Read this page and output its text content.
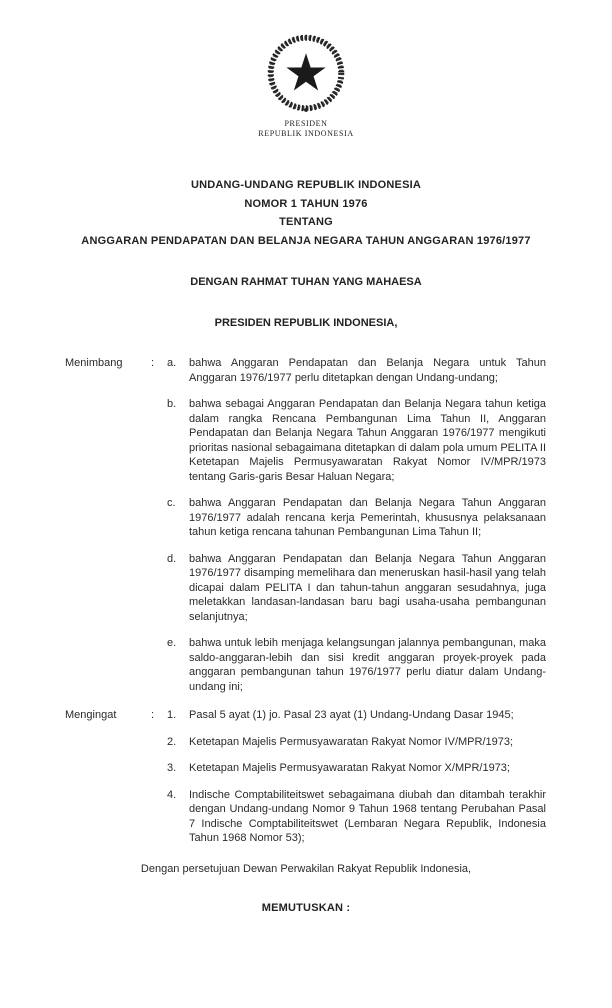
PRESIDEN
REPUBLIK INDONESIA
UNDANG-UNDANG REPUBLIK INDONESIA
NOMOR 1 TAHUN 1976
TENTANG
ANGGARAN PENDAPATAN DAN BELANJA NEGARA TAHUN ANGGARAN 1976/1977

DENGAN RAHMAT TUHAN YANG MAHAESA

PRESIDEN REPUBLIK INDONESIA,

Menimbang	:	a.	bahwa Anggaran Pendapatan dan Belanja Negara untuk Tahun Anggaran 1976/1977 perlu ditetapkan dengan Undang-undang;
b.	bahwa sebagai Anggaran Pendapatan dan Belanja Negara tahun ketiga dalam rangka Rencana Pembangunan Lima Tahun II, Anggaran Pendapatan dan Belanja Negara Tahun Anggaran 1976/1977 mengikuti prioritas nasional sebagaimana ditetapkan di dalam pola umum PELITA II Ketetapan Majelis Permusyawaratan Rakyat Nomor IV/MPR/1973 tentang Garis-garis Besar Haluan Negara;
c.	bahwa Anggaran Pendapatan dan Belanja Negara Tahun Anggaran 1976/1977 adalah rencana kerja Pemerintah, khususnya pelaksanaan tahun ketiga rencana tahunan Pembangunan Lima Tahun II;
d.	bahwa Anggaran Pendapatan dan Belanja Negara Tahun Anggaran 1976/1977 disamping memelihara dan meneruskan hasil-hasil yang telah dicapai dalam PELITA I dan tahun-tahun anggaran sesudahnya, juga meletakkan landasan-landasan baru bagi usaha-usaha pembangunan selanjutnya;
e.	bahwa untuk lebih menjaga kelangsungan jalannya pembangunan, maka saldo-anggaran-lebih dan sisi kredit anggaran proyek-proyek pada anggaran pembangunan tahun 1976/1977 perlu diatur dalam Undang-undang ini;
Mengingat	:	1.	Pasal 5 ayat (1) jo. Pasal 23 ayat (1) Undang-Undang Dasar 1945;
2.	Ketetapan Majelis Permusyawaratan Rakyat Nomor IV/MPR/1973;
3.	Ketetapan Majelis Permusyawaratan Rakyat Nomor X/MPR/1973;
4.	Indische Comptabiliteitswet sebagaimana diubah dan ditambah terakhir dengan Undang-undang Nomor 9 Tahun 1968 tentang Perubahan Pasal 7 Indische Comptabiliteitswet (Lembaran Negara Republik, Indonesia Tahun 1968 Nomor 53);

Dengan persetujuan Dewan Perwakilan Rakyat Republik Indonesia,

MEMUTUSKAN :
